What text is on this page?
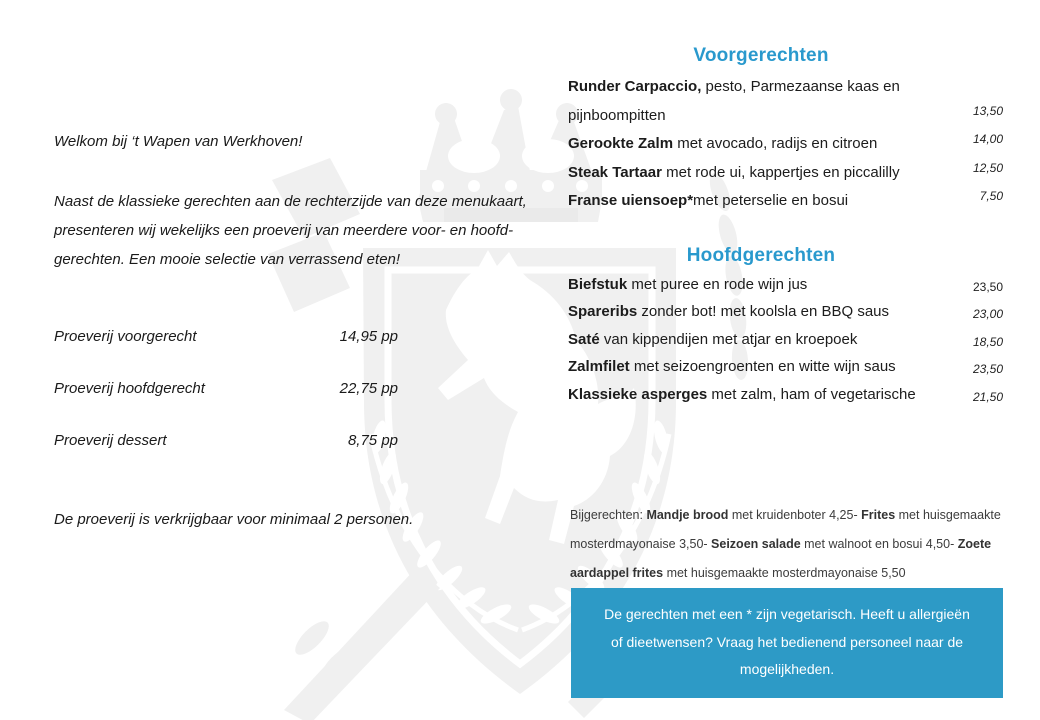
Welkom bij ‘t Wapen van Werkhoven!
Naast de klassieke gerechten aan de rechterzijde van deze menukaart,
presenteren wij wekelijks een proeverij van meerdere voor- en hoofd-
gerechten. Een mooie selectie van verrassend eten!
Proeverij voorgerecht	14,95 pp
Proeverij hoofdgerecht	22,75 pp
Proeverij dessert	8,75 pp
De proeverij is verkrijgbaar voor minimaal 2 personen.
Voorgerechten
Runder Carpaccio, pesto, Parmezaanse kaas en pijnboompitten	13,50
Gerookte Zalm met avocado, radijs en citroen	14,00
Steak Tartaar met rode ui, kappertjes en piccalilly	12,50
Franse uiensoep*met peterselie en bosui	7,50
Hoofdgerechten
Biefstuk met puree en rode wijn jus	23,50
Spareribs zonder bot! met koolsla en BBQ saus	23,00
Saté van kippendijen met atjar en kroepoek	18,50
Zalmfilet met seizoengroenten en witte wijn saus	23,50
Klassieke asperges met zalm, ham of vegetarische	21,50
Bijgerechten: Mandje brood met kruidenboter 4,25- Frites met huisgemaakte mosterdmayonaise 3,50- Seizoen salade met walnoot en bosui 4,50- Zoete aardappel frites met huisgemaakte mosterdmayonaise 5,50
De gerechten met een * zijn vegetarisch. Heeft u allergieën of dieetwensen? Vraag het bedienend personeel naar de mogelijkheden.
